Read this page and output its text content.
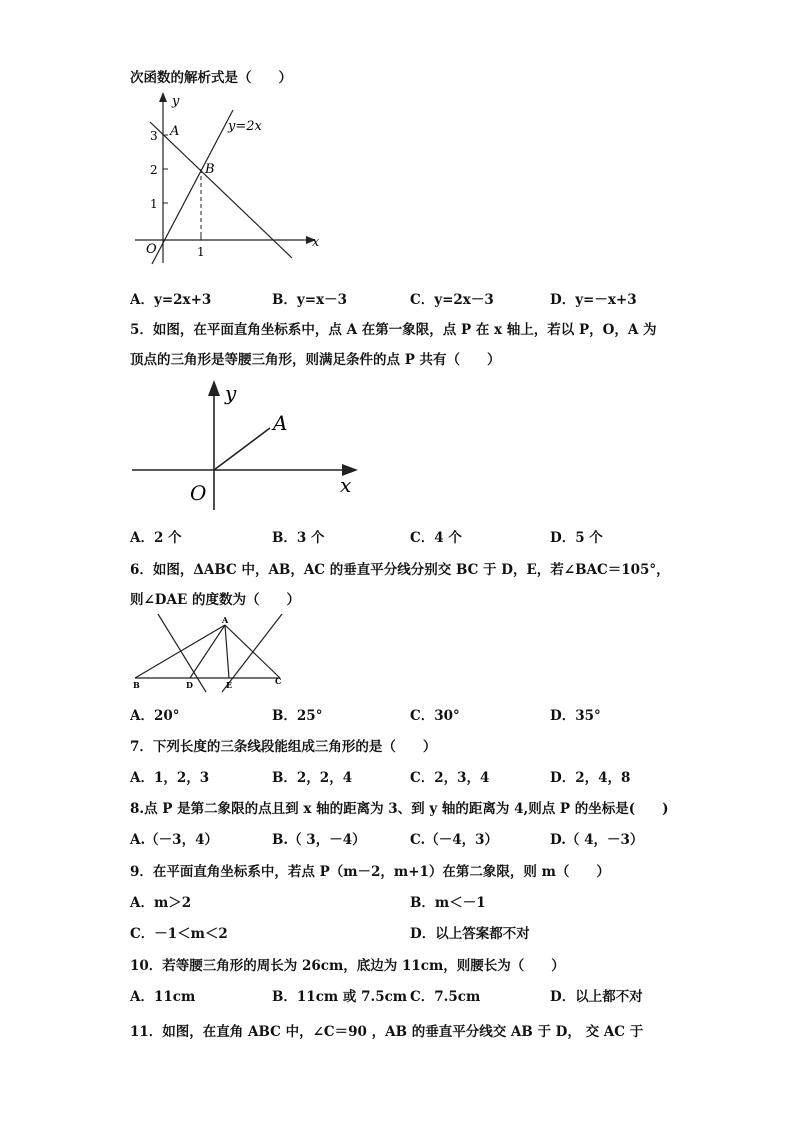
次函数的解析式是（　　）
y
x
O
1
2
3
1
A
B
y=2x
A．y=2x+3	B．y=x－3	C．y=2x－3	D．y=－x+3
5．如图，在平面直角坐标系中，点 A 在第一象限，点 P 在 x 轴上，若以 P，O，A 为
顶点的三角形是等腰三角形，则满足条件的点 P 共有（　　）
y
x
O
A
A．2 个	B．3 个	C．4 个	D．5 个
6．如图，ΔABC 中，AB，AC 的垂直平分线分别交 BC 于 D，E，若∠BAC＝105°，
则∠DAE 的度数为（　　）
A
B	C
D	E
A．20°	B．25°	C．30°	D．35°
7．下列长度的三条线段能组成三角形的是（　　）
A．1，2，3	B．2，2，4	C．2，3，4	D．2，4，8
8.点 P 是第二象限的点且到 x 轴的距离为 3、到 y 轴的距离为 4,则点 P 的坐标是(　　)
A.（－3，4）	B.（ 3，－4）	C.（－4，3）	D.（ 4，－3）
9．在平面直角坐标系中，若点 P（m－2，m+1）在第二象限，则 m（　　）
A．m＞2	B．m＜－1
C．－1＜m＜2	D．以上答案都不对
10．若等腰三角形的周长为 26cm，底边为 11cm，则腰长为（　　）
A．11cm	B．11cm 或 7.5cm C．7.5cm	D．以上都不对
11．如图，在直角 ABC 中，∠C＝90 ，AB 的垂直平分线交 AB 于 D， 交 AC 于
